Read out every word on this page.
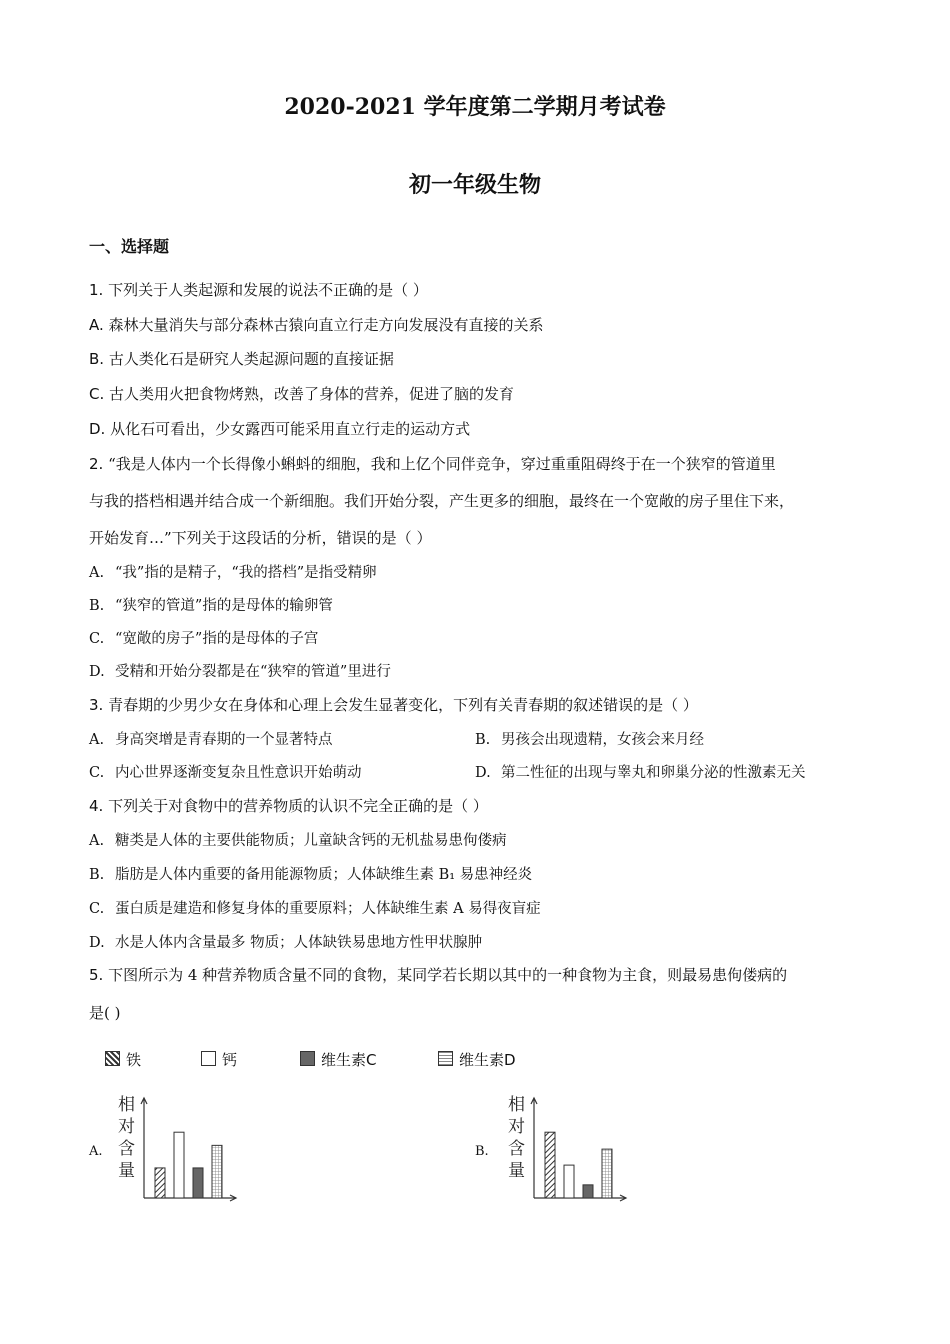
2020-2021 学年度第二学期月考试卷
初一年级生物
一、选择题
1. 下列关于人类起源和发展的说法不正确的是（ ）
A. 森林大量消失与部分森林古猿向直立行走方向发展没有直接的关系
B. 古人类化石是研究人类起源问题的直接证据
C. 古人类用火把食物烤熟，改善了身体的营养，促进了脑的发育
D. 从化石可看出，少女露西可能采用直立行走的运动方式
2. “我是人体内一个长得像小蝌蚪的细胞，我和上亿个同伴竞争，穿过重重阻碍终于在一个狭窄的管道里
与我的搭档相遇并结合成一个新细胞。我们开始分裂，产生更多的细胞，最终在一个宽敞的房子里住下来，
开始发育…”下列关于这段话的分析，错误的是（ ）
A. “我”指的是精子，“我的搭档”是指受精卵
B. “狭窄的管道”指的是母体的输卵管
C. “宽敞的房子”指的是母体的子宫
D. 受精和开始分裂都是在“狭窄的管道”里进行
3. 青春期的少男少女在身体和心理上会发生显著变化，下列有关青春期的叙述错误的是（ ）
A. 身高突增是青春期的一个显著特点	B. 男孩会出现遗精，女孩会来月经
C. 内心世界逐渐变复杂且性意识开始萌动	D. 第二性征的出现与睾丸和卵巢分泌的性激素无关
4. 下列关于对食物中的营养物质的认识不完全正确的是（ ）
A. 糖类是人体的主要供能物质；儿童缺含钙的无机盐易患佝偻病
B. 脂肪是人体内重要的备用能源物质；人体缺维生素 B₁ 易患神经炎
C. 蛋白质是建造和修复身体的重要原料；人体缺维生素 A 易得夜盲症
D. 水是人体内含量最多 物质；人体缺铁易患地方性甲状腺肿
5. 下图所示为 4 种营养物质含量不同的食物，某同学若长期以其中的一种食物为主食，则最易患佝偻病的
是( )
铁	钙	维生素C	维生素D
A.
相
对
含
量
B.
相
对
含
量
